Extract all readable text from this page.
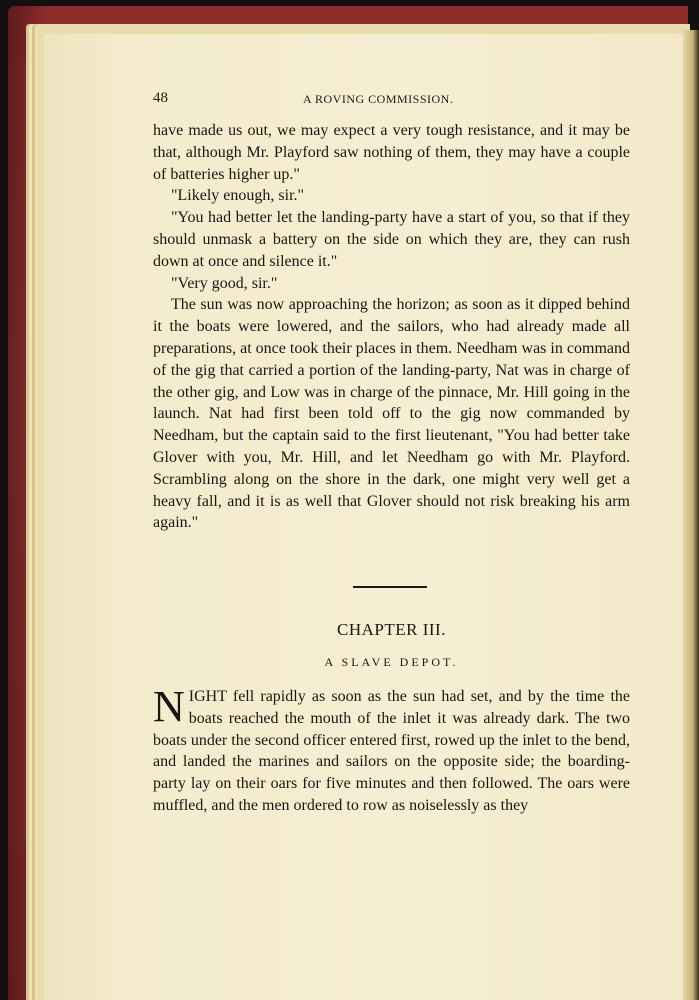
48	A ROVING COMMISSION.

have made us out, we may expect a very tough resistance, and it may be that, although Mr. Playford saw nothing of them, they may have a couple of batteries higher up."

"Likely enough, sir."

"You had better let the landing-party have a start of you, so that if they should unmask a battery on the side on which they are, they can rush down at once and silence it."

"Very good, sir."

The sun was now approaching the horizon; as soon as it dipped behind it the boats were lowered, and the sailors, who had already made all preparations, at once took their places in them. Needham was in command of the gig that carried a portion of the landing-party, Nat was in charge of the other gig, and Low was in charge of the pinnace, Mr. Hill going in the launch. Nat had first been told off to the gig now commanded by Needham, but the captain said to the first lieutenant, "You had better take Glover with you, Mr. Hill, and let Needham go with Mr. Playford. Scrambling along on the shore in the dark, one might very well get a heavy fall, and it is as well that Glover should not risk breaking his arm again."

CHAPTER III.
A SLAVE DEPOT.

NIGHT fell rapidly as soon as the sun had set, and by the time the boats reached the mouth of the inlet it was already dark. The two boats under the second officer entered first, rowed up the inlet to the bend, and landed the marines and sailors on the opposite side; the boarding-party lay on their oars for five minutes and then followed. The oars were muffled, and the men ordered to row as noiselessly as they
